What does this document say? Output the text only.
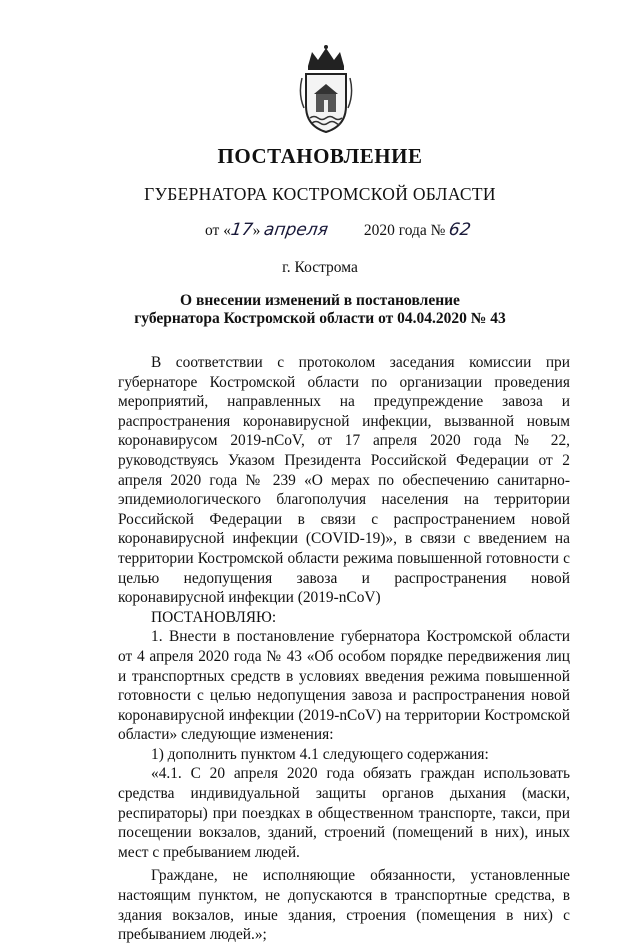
ПОСТАНОВЛЕНИЕ
ГУБЕРНАТОРА КОСТРОМСКОЙ ОБЛАСТИ
от «17» апреля 2020 года № 62
г. Кострома
О внесении изменений в постановление
губернатора Костромской области от 04.04.2020 № 43

В соответствии с протоколом заседания комиссии при губернаторе Костромской области по организации проведения мероприятий, направленных на предупреждение завоза и распространения коронавирусной инфекции, вызванной новым коронавирусом 2019-nCoV, от 17 апреля 2020 года № 22, руководствуясь Указом Президента Российской Федерации от 2 апреля 2020 года № 239 «О мерах по обеспечению санитарно-эпидемиологического благополучия населения на территории Российской Федерации в связи с распространением новой коронавирусной инфекции (COVID-19)», в связи с введением на территории Костромской области режима повышенной готовности с целью недопущения завоза и распространения новой коронавирусной инфекции (2019-nCoV)

ПОСТАНОВЛЯЮ:

1. Внести в постановление губернатора Костромской области от 4 апреля 2020 года № 43 «Об особом порядке передвижения лиц и транспортных средств в условиях введения режима повышенной готовности с целью недопущения завоза и распространения новой коронавирусной инфекции (2019-nCoV) на территории Костромской области» следующие изменения:

1) дополнить пунктом 4.1 следующего содержания:

«4.1. С 20 апреля 2020 года обязать граждан использовать средства индивидуальной защиты органов дыхания (маски, респираторы) при поездках в общественном транспорте, такси, при посещении вокзалов, зданий, строений (помещений в них), иных мест с пребыванием людей.

Граждане, не исполняющие обязанности, установленные настоящим пунктом, не допускаются в транспортные средства, в здания вокзалов, иные здания, строения (помещения в них) с пребыванием людей.»;
